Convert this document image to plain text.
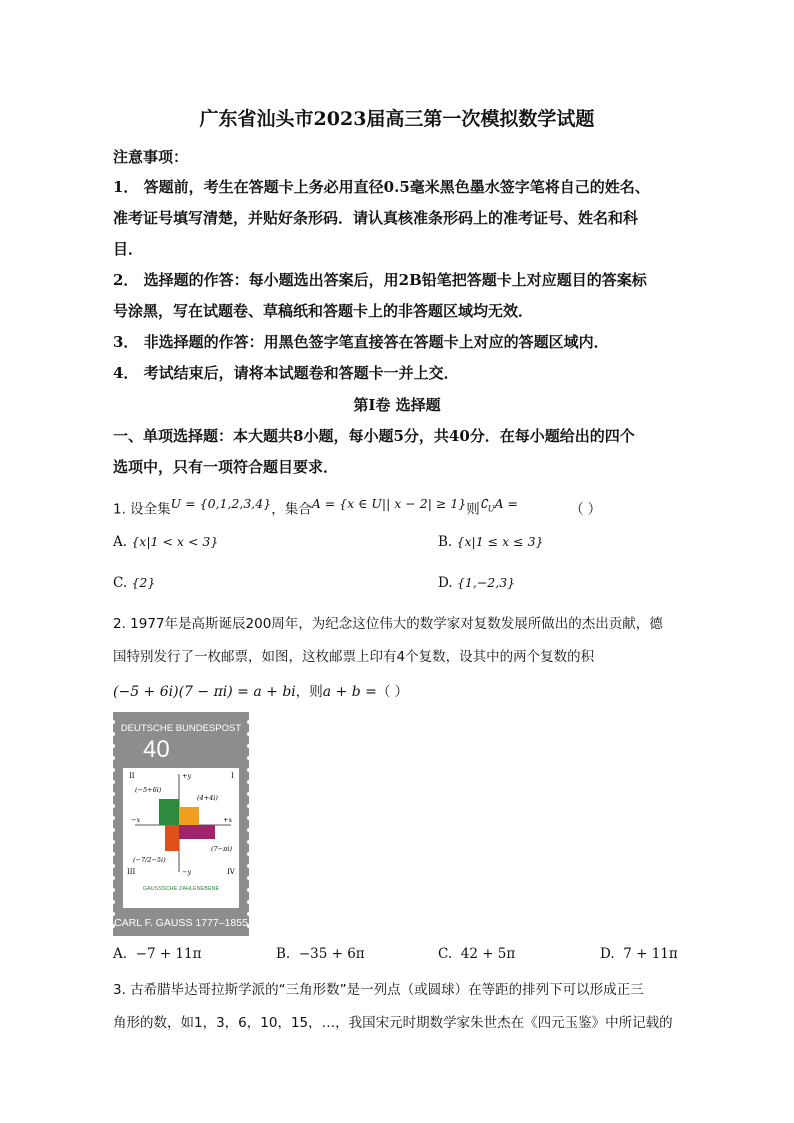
广东省汕头市2023届高三第一次模拟数学试题
注意事项：
1． 答题前，考生在答题卡上务必用直径0.5毫米黑色墨水签字笔将自己的姓名、
准考证号填写清楚，并贴好条形码．请认真核准条形码上的准考证号、姓名和科
目．
2． 选择题的作答：每小题选出答案后，用2B铅笔把答题卡上对应题目的答案标
号涂黑，写在试题卷、草稿纸和答题卡上的非答题区域均无效．
3． 非选择题的作答：用黑色签字笔直接答在答题卡上对应的答题区域内．
4． 考试结束后，请将本试题卷和答题卡一并上交．
第Ⅰ卷 选择题
一、单项选择题：本大题共8小题，每小题5分，共40分．在每小题给出的四个
选项中，只有一项符合题目要求．
1. 设全集$^{U = \{0,1,2,3,4\}}$，集合$^{A = \{x \in U|| x - 2| \ge 1\}}$则$^{∁_UA =}$	（ ）
A. {x|1 < x < 3}	B. {x|1 ≤ x ≤ 3}
C. {2}	D. {1,−2,3}
2. 1977年是高斯诞辰200周年，为纪念这位伟大的数学家对复数发展所做出的杰出贡献，德
国特别发行了一枚邮票，如图，这枚邮票上印有4个复数，设其中的两个复数的积
(−5 + 6i)(7 − πi) = a + bi，则a + b =（ ）
DEUTSCHE BUNDESPOST
40
II	I
III	IV
+y
−y
+x
−x
(−5+6i)
(4+4i)
(7−πi)
(−7/2−5i)
GAUSSSCHE ZAHLENEBENE
CARL F. GAUSS 1777–1855
A. −7 + 11π	B. −35 + 6π	C. 42 + 5π	D. 7 + 11π
3. 古希腊毕达哥拉斯学派的“三角形数”是一列点（或圆球）在等距的排列下可以形成正三
角形的数，如1，3，6，10，15，…，我国宋元时期数学家朱世杰在《四元玉鉴》中所记载的
